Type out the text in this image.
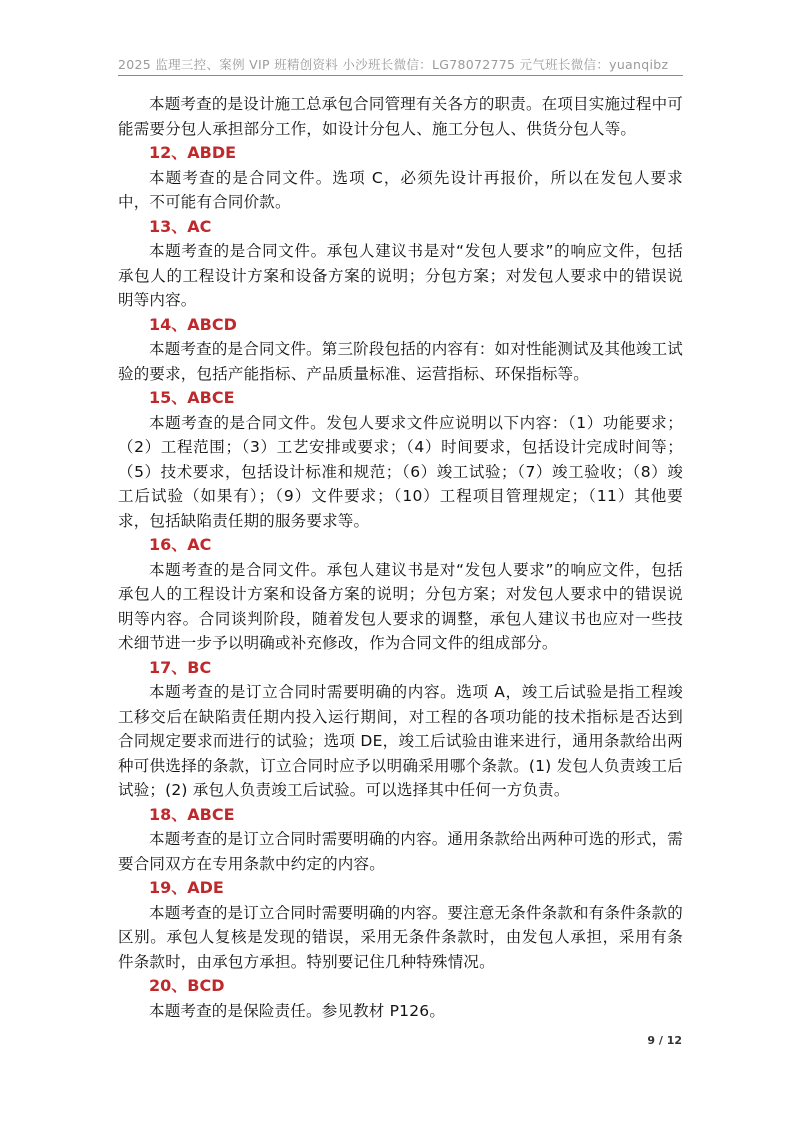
2025 监理三控、案例 VIP 班精创资料 小沙班长微信：LG78072775 元气班长微信：yuanqibz

本题考查的是设计施工总承包合同管理有关各方的职责。在项目实施过程中可能需要分包人承担部分工作，如设计分包人、施工分包人、供货分包人等。

12、ABDE

本题考查的是合同文件。选项 C，必须先设计再报价，所以在发包人要求中，不可能有合同价款。

13、AC

本题考查的是合同文件。承包人建议书是对“发包人要求”的响应文件，包括承包人的工程设计方案和设备方案的说明；分包方案；对发包人要求中的错误说明等内容。

14、ABCD

本题考查的是合同文件。第三阶段包括的内容有：如对性能测试及其他竣工试验的要求，包括产能指标、产品质量标准、运营指标、环保指标等。

15、ABCE

本题考查的是合同文件。发包人要求文件应说明以下内容：（1）功能要求；（2）工程范围；（3）工艺安排或要求；（4）时间要求，包括设计完成时间等；（5）技术要求，包括设计标准和规范；（6）竣工试验；（7）竣工验收；（8）竣工后试验（如果有）；（9）文件要求；（10）工程项目管理规定；（11）其他要求，包括缺陷责任期的服务要求等。

16、AC

本题考查的是合同文件。承包人建议书是对“发包人要求”的响应文件，包括承包人的工程设计方案和设备方案的说明；分包方案；对发包人要求中的错误说明等内容。合同谈判阶段，随着发包人要求的调整，承包人建议书也应对一些技术细节进一步予以明确或补充修改，作为合同文件的组成部分。

17、BC

本题考查的是订立合同时需要明确的内容。选项 A，竣工后试验是指工程竣工移交后在缺陷责任期内投入运行期间，对工程的各项功能的技术指标是否达到合同规定要求而进行的试验；选项 DE，竣工后试验由谁来进行，通用条款给出两种可供选择的条款，订立合同时应予以明确采用哪个条款。(1) 发包人负责竣工后试验；(2) 承包人负责竣工后试验。可以选择其中任何一方负责。

18、ABCE

本题考查的是订立合同时需要明确的内容。通用条款给出两种可选的形式，需要合同双方在专用条款中约定的内容。

19、ADE

本题考查的是订立合同时需要明确的内容。要注意无条件条款和有条件条款的区别。承包人复核是发现的错误，采用无条件条款时，由发包人承担，采用有条件条款时，由承包方承担。特别要记住几种特殊情况。

20、BCD

本题考查的是保险责任。参见教材 P126。

9 / 12
